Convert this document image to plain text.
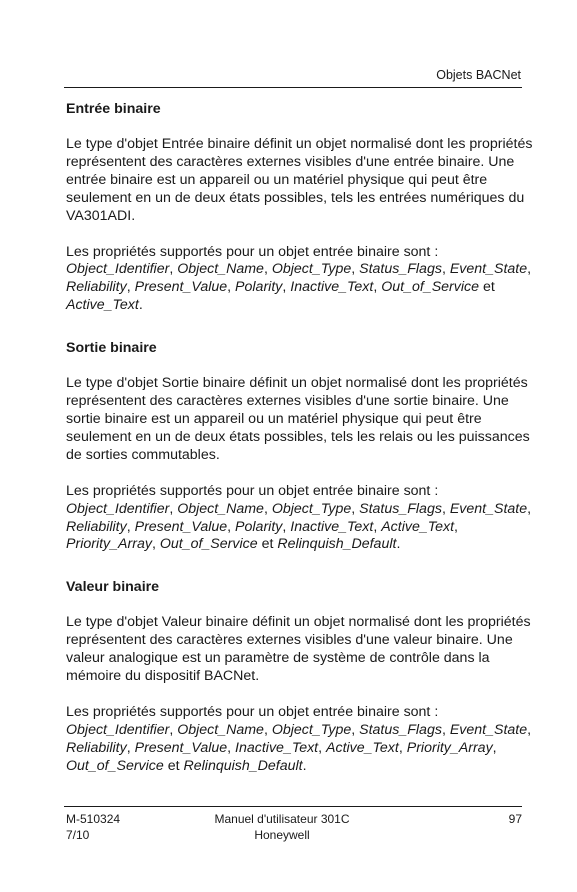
Objets BACNet
Entrée binaire

Le type d'objet Entrée binaire définit un objet normalisé dont les propriétés représentent des caractères externes visibles d'une entrée binaire. Une entrée binaire est un appareil ou un matériel physique qui peut être seulement en un de deux états possibles, tels les entrées numériques du VA301ADI.

Les propriétés supportés pour un objet entrée binaire sont :
Object_Identifier, Object_Name, Object_Type, Status_Flags, Event_State, Reliability, Present_Value, Polarity, Inactive_Text, Out_of_Service et Active_Text.

Sortie binaire

Le type d'objet Sortie binaire définit un objet normalisé dont les propriétés représentent des caractères externes visibles d'une sortie binaire. Une sortie binaire est un appareil ou un matériel physique qui peut être seulement en un de deux états possibles, tels les relais ou les puissances de sorties commutables.

Les propriétés supportés pour un objet entrée binaire sont :
Object_Identifier, Object_Name, Object_Type, Status_Flags, Event_State, Reliability, Present_Value, Polarity, Inactive_Text, Active_Text, Priority_Array, Out_of_Service et Relinquish_Default.

Valeur binaire

Le type d'objet Valeur binaire définit un objet normalisé dont les propriétés représentent des caractères externes visibles d'une valeur binaire. Une valeur analogique est un paramètre de système de contrôle dans la mémoire du dispositif BACNet.

Les propriétés supportés pour un objet entrée binaire sont :
Object_Identifier, Object_Name, Object_Type, Status_Flags, Event_State, Reliability, Present_Value, Inactive_Text, Active_Text, Priority_Array, Out_of_Service et Relinquish_Default.

M-510324
7/10
Manuel d'utilisateur 301C
Honeywell
97
